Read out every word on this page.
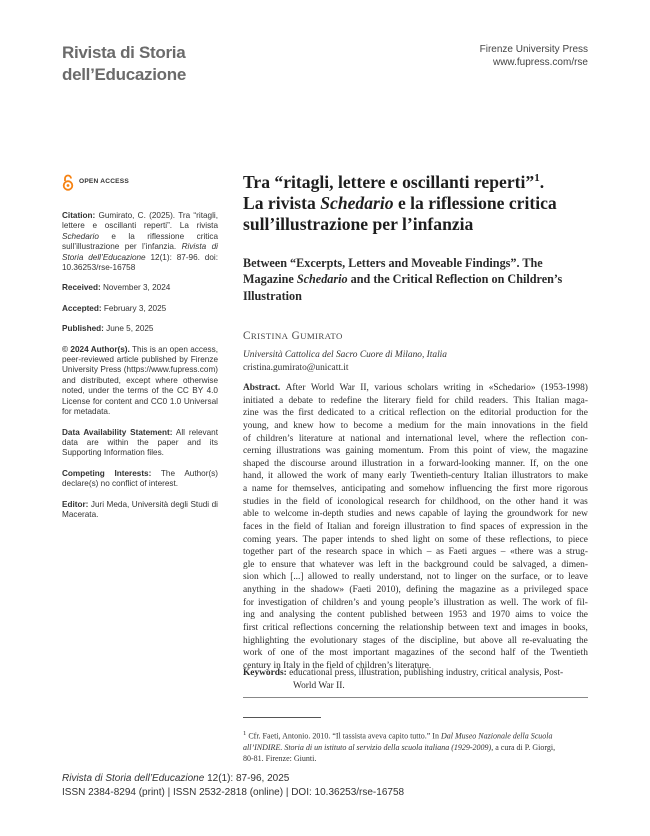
Rivista di Storia
dell’Educazione
Firenze University Press
www.fupress.com/rse
OPEN ACCESS
Citation: Gumirato, C. (2025). Tra “ritagli, lettere e oscillanti reperti”. La rivista Schedario e la riflessione critica sull’illustrazione per l’infanzia. Rivista di Storia dell’Educazione 12(1): 87-96. doi: 10.36253/rse-16758
Received: November 3, 2024
Accepted: February 3, 2025
Published: June 5, 2025
© 2024 Author(s). This is an open access, peer-reviewed article published by Firenze University Press (https://www.fupress.com) and distributed, except where otherwise noted, under the terms of the CC BY 4.0 License for content and CC0 1.0 Universal for metadata.
Data Availability Statement: All relevant data are within the paper and its Supporting Information files.
Competing Interests: The Author(s) declare(s) no conflict of interest.
Editor: Juri Meda, Università degli Studi di Macerata.
Tra “ritagli, lettere e oscillanti reperti”$^1$.
La rivista Schedario e la riflessione critica
sull’illustrazione per l’infanzia
Between “Excerpts, Letters and Moveable Findings”. The
Magazine Schedario and the Critical Reflection on Children’s
Illustration
CRISTINA GUMIRATO
Università Cattolica del Sacro Cuore di Milano, Italia
cristina.gumirato@unicatt.it
Abstract. After World War II, various scholars writing in «Schedario» (1953-1998)
initiated a debate to redefine the literary field for child readers. This Italian maga-
zine was the first dedicated to a critical reflection on the editorial production for the
young, and knew how to become a medium for the main innovations in the field
of children’s literature at national and international level, where the reflection con-
cerning illustrations was gaining momentum. From this point of view, the magazine
shaped the discourse around illustration in a forward-looking manner. If, on the one
hand, it allowed the work of many early Twentieth-century Italian illustrators to make
a name for themselves, anticipating and somehow influencing the first more rigorous
studies in the field of iconological research for childhood, on the other hand it was
able to welcome in-depth studies and news capable of laying the groundwork for new
faces in the field of Italian and foreign illustration to find spaces of expression in the
coming years. The paper intends to shed light on some of these reflections, to piece
together part of the research space in which – as Faeti argues – «there was a strug-
gle to ensure that whatever was left in the background could be salvaged, a dimen-
sion which [...] allowed to really understand, not to linger on the surface, or to leave
anything in the shadow» (Faeti 2010), defining the magazine as a privileged space
for investigation of children’s and young people’s illustration as well. The work of fil-
ing and analysing the content published between 1953 and 1970 aims to voice the
first critical reflections concerning the relationship between text and images in books,
highlighting the evolutionary stages of the discipline, but above all re-evaluating the
work of one of the most important magazines of the second half of the Twentieth
century in Italy in the field of children’s literature.
Keywords: educational press, illustration, publishing industry, critical analysis, Post-
World War II.
$^1$ Cfr. Faeti, Antonio. 2010. “Il tassista aveva capito tutto.” In Dal Museo Nazionale della Scuola
all’INDIRE. Storia di un istituto al servizio della scuola italiana (1929-2009), a cura di P. Giorgi,
80-81. Firenze: Giunti.
Rivista di Storia dell’Educazione 12(1): 87-96, 2025
ISSN 2384-8294 (print) | ISSN 2532-2818 (online) | DOI: 10.36253/rse-16758
